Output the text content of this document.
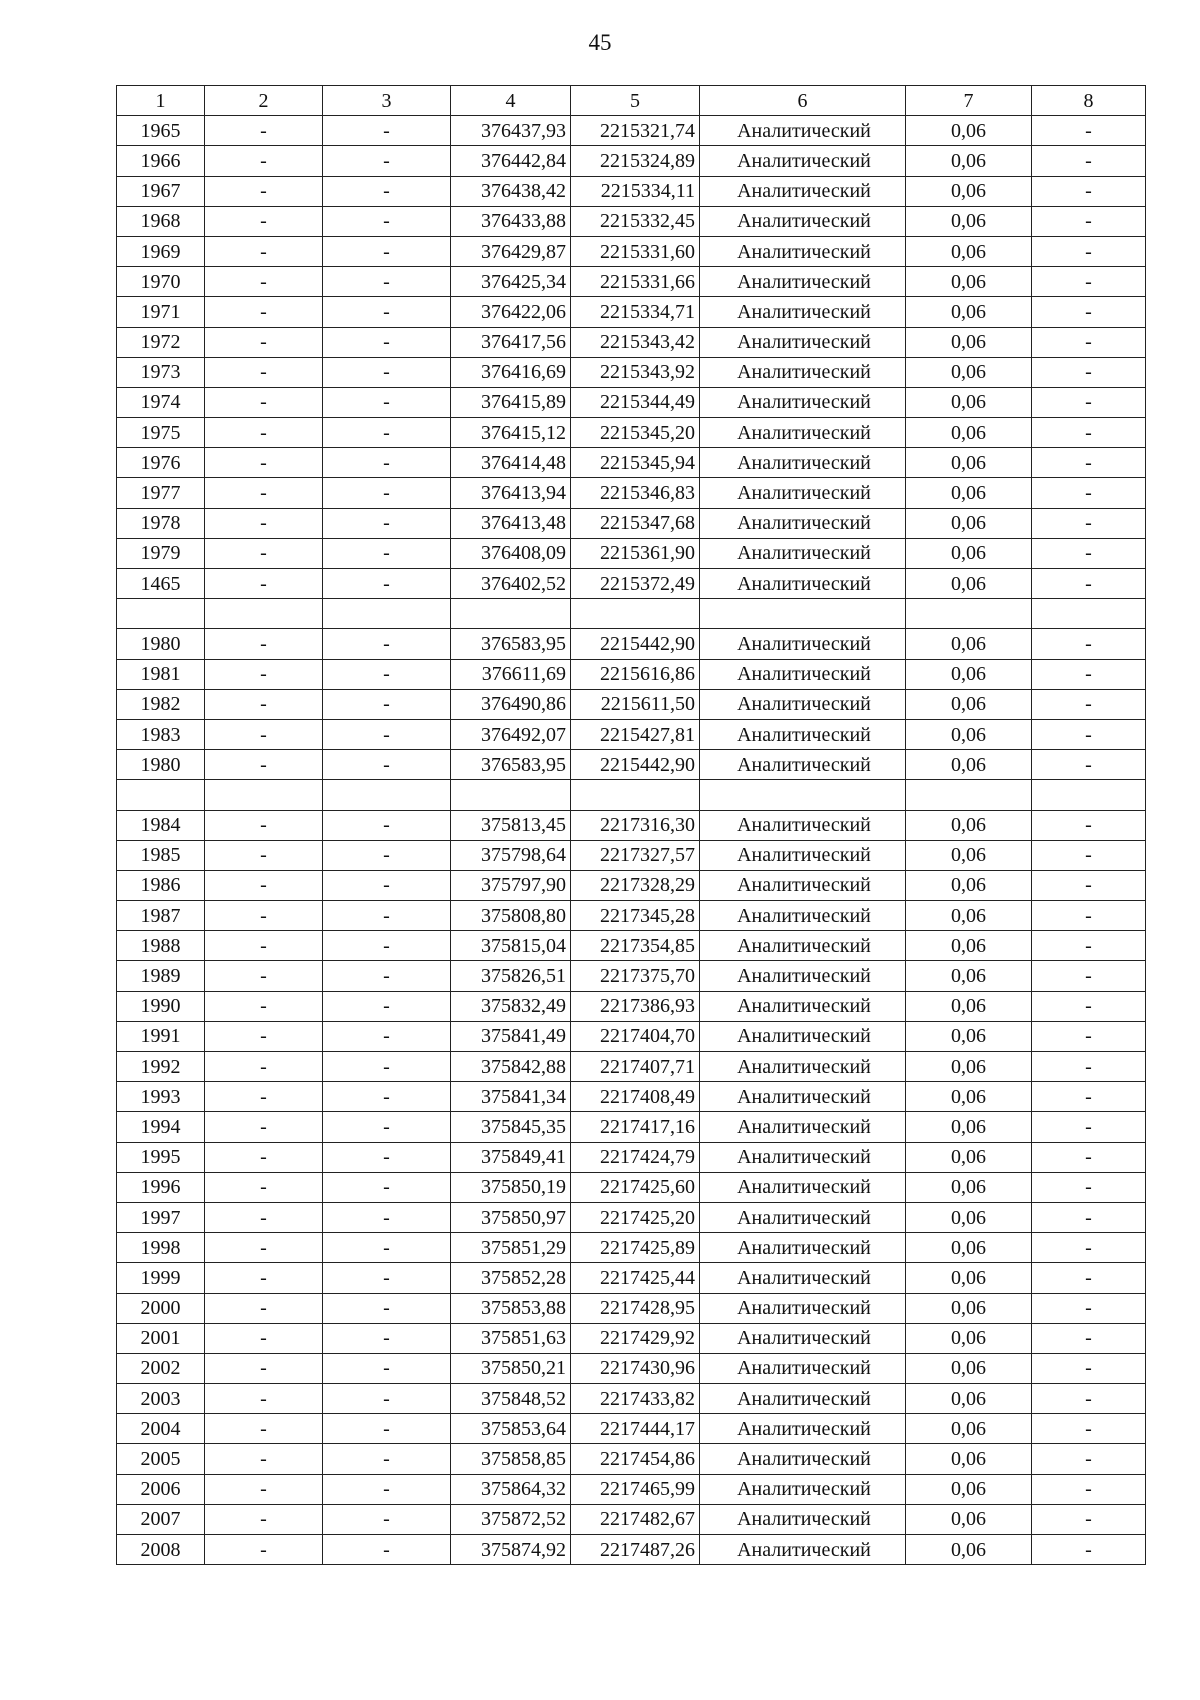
45
1	2	3	4	5	6	7	8
1965	-	-	376437,93	2215321,74	Аналитический	0,06	-
1966	-	-	376442,84	2215324,89	Аналитический	0,06	-
1967	-	-	376438,42	2215334,11	Аналитический	0,06	-
1968	-	-	376433,88	2215332,45	Аналитический	0,06	-
1969	-	-	376429,87	2215331,60	Аналитический	0,06	-
1970	-	-	376425,34	2215331,66	Аналитический	0,06	-
1971	-	-	376422,06	2215334,71	Аналитический	0,06	-
1972	-	-	376417,56	2215343,42	Аналитический	0,06	-
1973	-	-	376416,69	2215343,92	Аналитический	0,06	-
1974	-	-	376415,89	2215344,49	Аналитический	0,06	-
1975	-	-	376415,12	2215345,20	Аналитический	0,06	-
1976	-	-	376414,48	2215345,94	Аналитический	0,06	-
1977	-	-	376413,94	2215346,83	Аналитический	0,06	-
1978	-	-	376413,48	2215347,68	Аналитический	0,06	-
1979	-	-	376408,09	2215361,90	Аналитический	0,06	-
1465	-	-	376402,52	2215372,49	Аналитический	0,06	-

1980	-	-	376583,95	2215442,90	Аналитический	0,06	-
1981	-	-	376611,69	2215616,86	Аналитический	0,06	-
1982	-	-	376490,86	2215611,50	Аналитический	0,06	-
1983	-	-	376492,07	2215427,81	Аналитический	0,06	-
1980	-	-	376583,95	2215442,90	Аналитический	0,06	-

1984	-	-	375813,45	2217316,30	Аналитический	0,06	-
1985	-	-	375798,64	2217327,57	Аналитический	0,06	-
1986	-	-	375797,90	2217328,29	Аналитический	0,06	-
1987	-	-	375808,80	2217345,28	Аналитический	0,06	-
1988	-	-	375815,04	2217354,85	Аналитический	0,06	-
1989	-	-	375826,51	2217375,70	Аналитический	0,06	-
1990	-	-	375832,49	2217386,93	Аналитический	0,06	-
1991	-	-	375841,49	2217404,70	Аналитический	0,06	-
1992	-	-	375842,88	2217407,71	Аналитический	0,06	-
1993	-	-	375841,34	2217408,49	Аналитический	0,06	-
1994	-	-	375845,35	2217417,16	Аналитический	0,06	-
1995	-	-	375849,41	2217424,79	Аналитический	0,06	-
1996	-	-	375850,19	2217425,60	Аналитический	0,06	-
1997	-	-	375850,97	2217425,20	Аналитический	0,06	-
1998	-	-	375851,29	2217425,89	Аналитический	0,06	-
1999	-	-	375852,28	2217425,44	Аналитический	0,06	-
2000	-	-	375853,88	2217428,95	Аналитический	0,06	-
2001	-	-	375851,63	2217429,92	Аналитический	0,06	-
2002	-	-	375850,21	2217430,96	Аналитический	0,06	-
2003	-	-	375848,52	2217433,82	Аналитический	0,06	-
2004	-	-	375853,64	2217444,17	Аналитический	0,06	-
2005	-	-	375858,85	2217454,86	Аналитический	0,06	-
2006	-	-	375864,32	2217465,99	Аналитический	0,06	-
2007	-	-	375872,52	2217482,67	Аналитический	0,06	-
2008	-	-	375874,92	2217487,26	Аналитический	0,06	-
